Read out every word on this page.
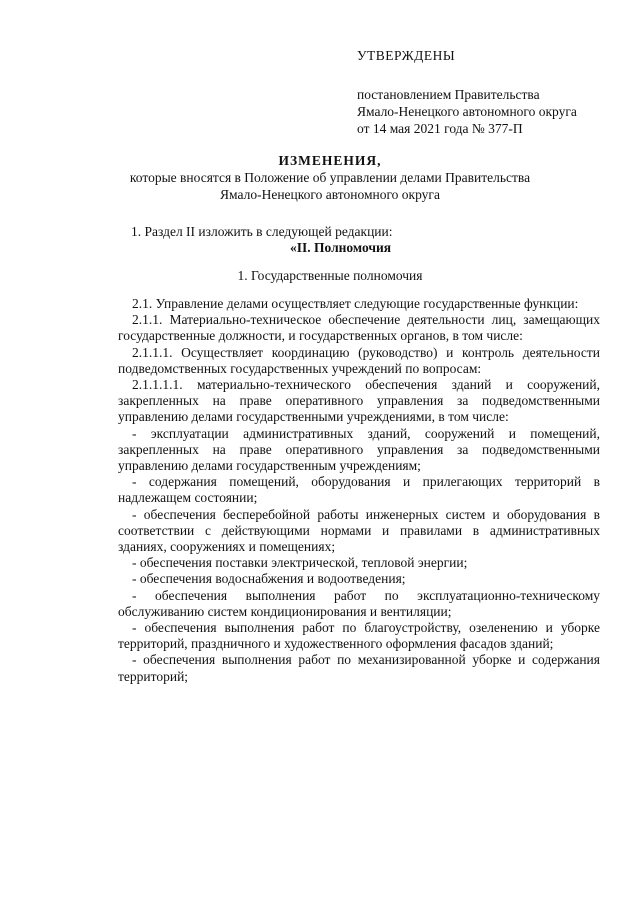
УТВЕРЖДЕНЫ
постановлением Правительства
Ямало-Ненецкого автономного округа
от 14 мая 2021 года № 377-П
ИЗМЕНЕНИЯ,
которые вносятся в Положение об управлении делами Правительства
Ямало-Ненецкого автономного округа
1. Раздел II изложить в следующей редакции:
«II. Полномочия
1. Государственные полномочия

2.1. Управление делами осуществляет следующие государственные функции:

2.1.1. Материально-техническое обеспечение деятельности лиц, замещающих государственные должности, и государственных органов, в том числе:

2.1.1.1. Осуществляет координацию (руководство) и контроль деятельности подведомственных государственных учреждений по вопросам:

2.1.1.1.1. материально-технического обеспечения зданий и сооружений, закрепленных на праве оперативного управления за подведомственными управлению делами государственными учреждениями, в том числе:

- эксплуатации административных зданий, сооружений и помещений, закрепленных на праве оперативного управления за подведомственными управлению делами государственным учреждениям;

- содержания помещений, оборудования и прилегающих территорий в надлежащем состоянии;

- обеспечения бесперебойной работы инженерных систем и оборудования в соответствии с действующими нормами и правилами в административных зданиях, сооружениях и помещениях;

- обеспечения поставки электрической, тепловой энергии;

- обеспечения водоснабжения и водоотведения;

- обеспечения выполнения работ по эксплуатационно-техническому обслуживанию систем кондиционирования и вентиляции;

- обеспечения выполнения работ по благоустройству, озеленению и уборке территорий, праздничного и художественного оформления фасадов зданий;

- обеспечения выполнения работ по механизированной уборке и содержания территорий;
